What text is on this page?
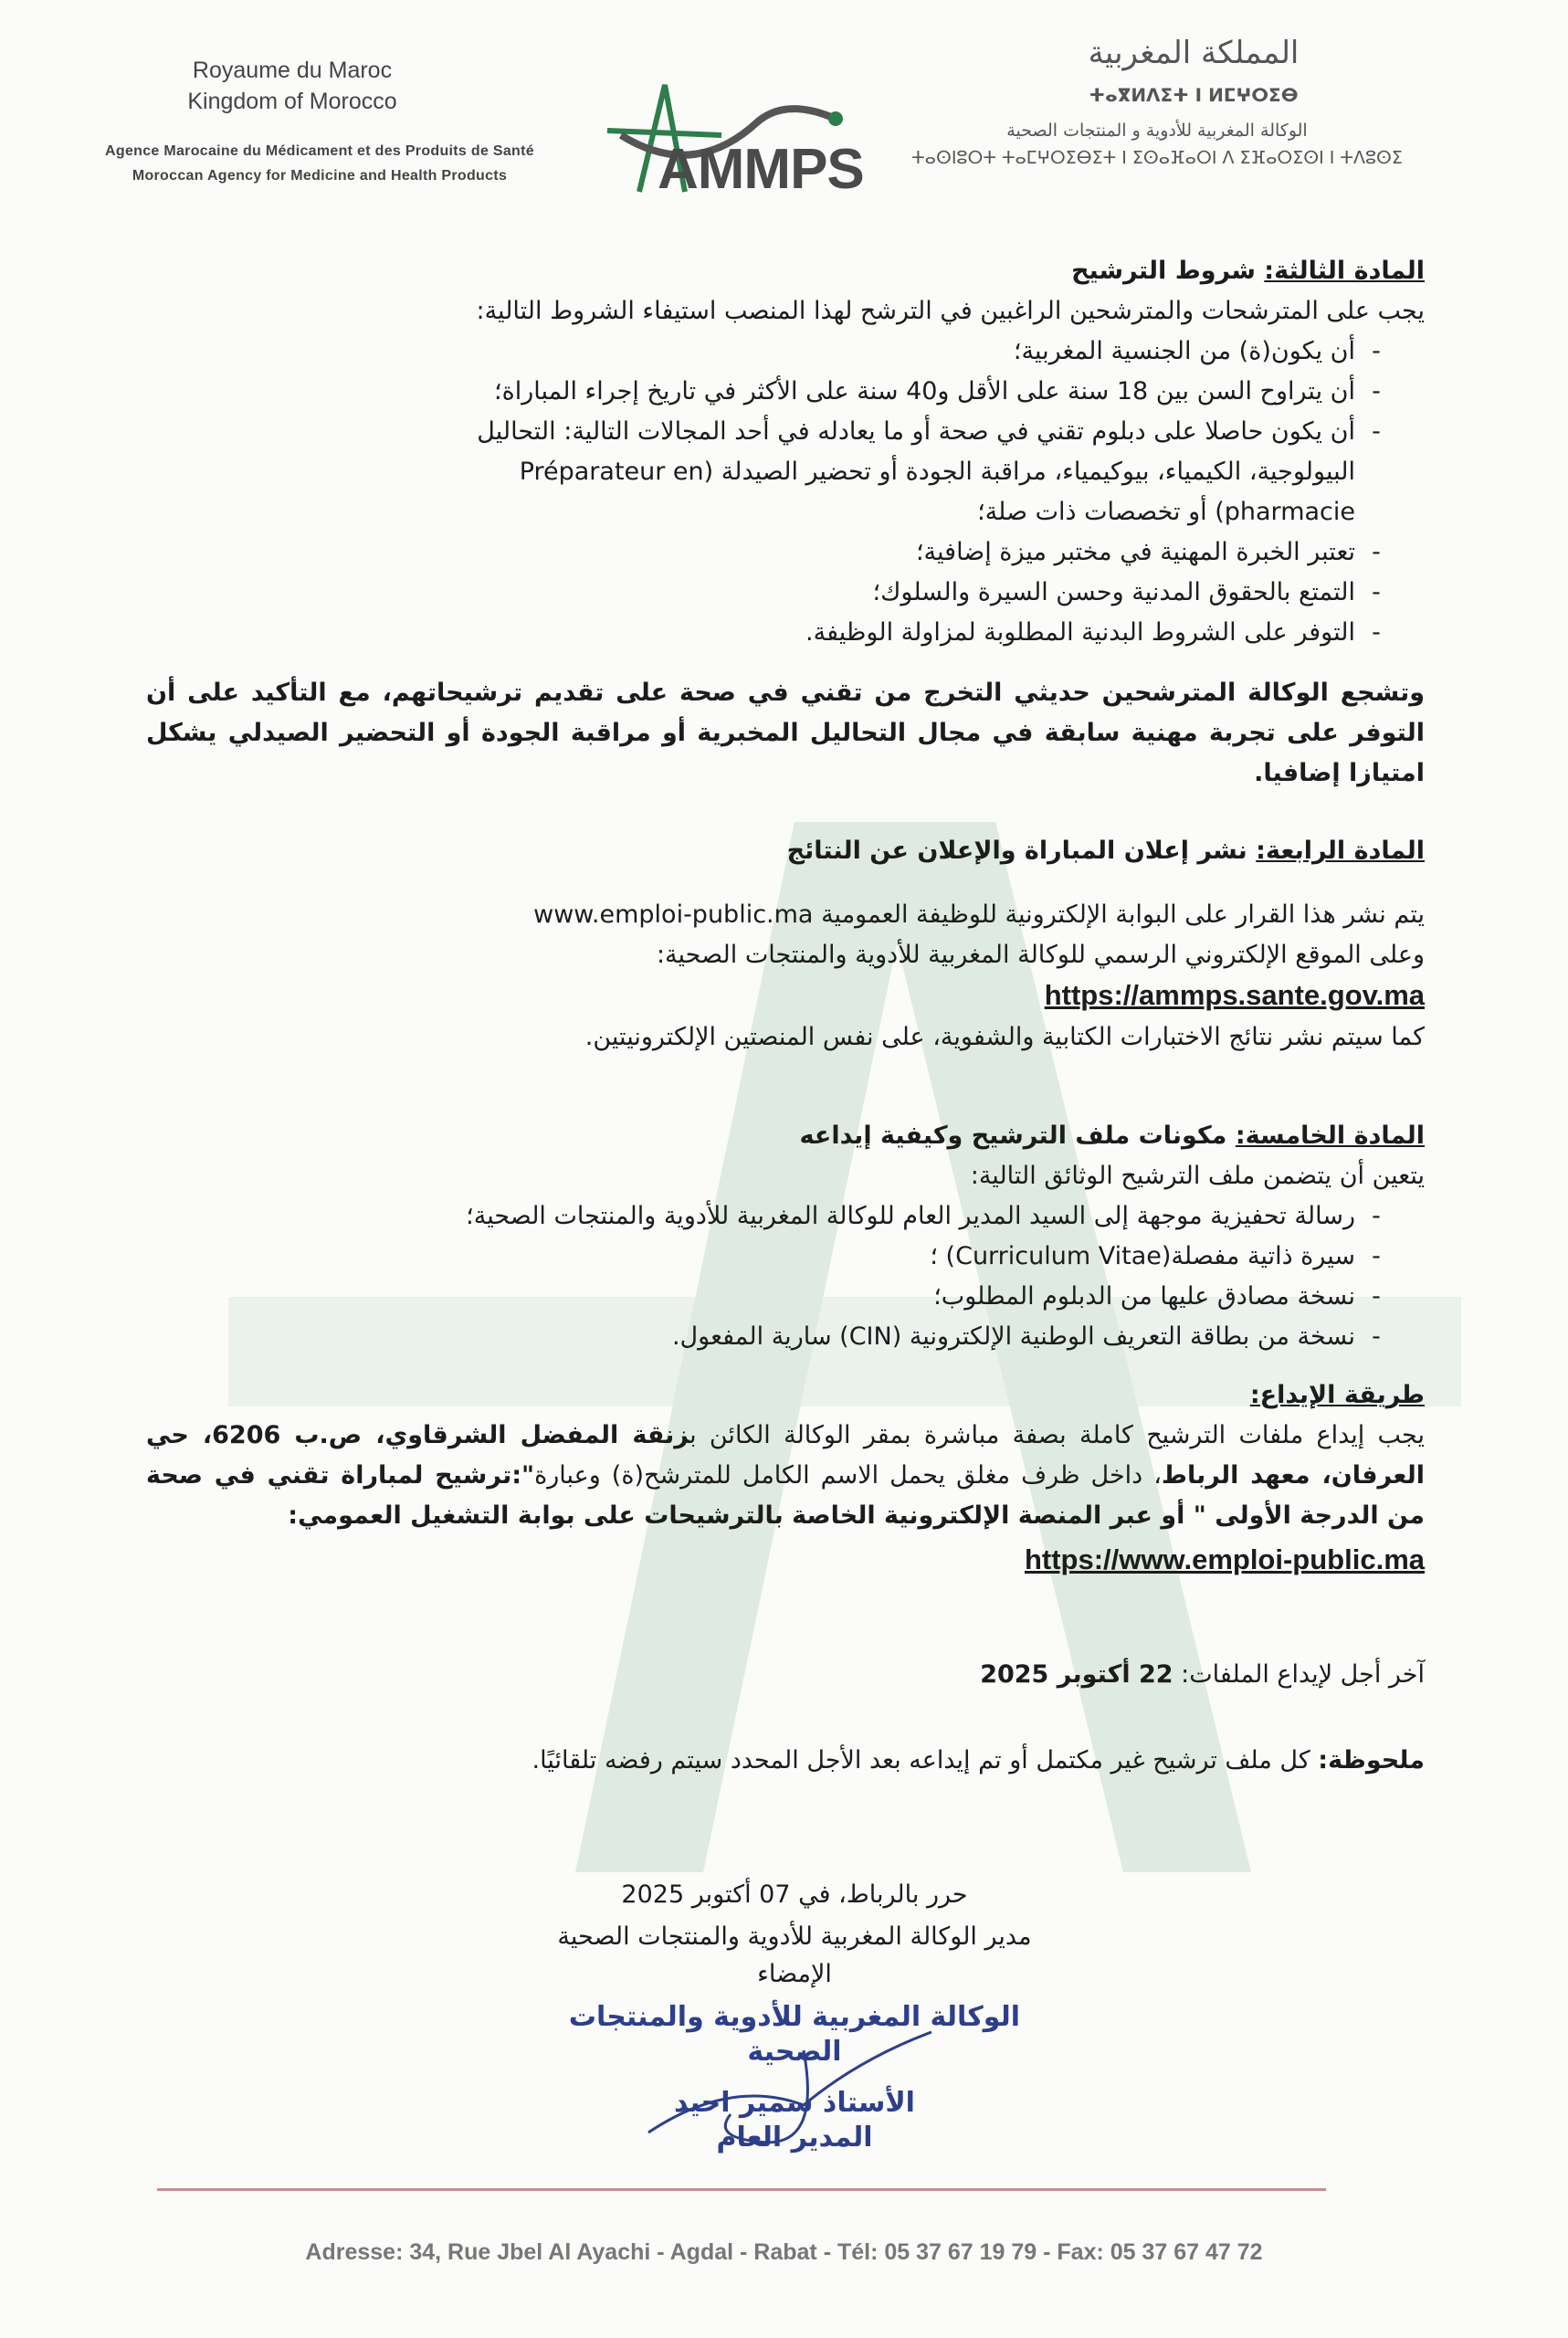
Royaume du Maroc
Kingdom of Morocco
Agence Marocaine du Médicament et des Produits de Santé
Moroccan Agency for Medicine and Health Products	AMMPS
المملكة المغربية
ⵜⴰⴳⵍⴷⵉⵜ ⵏ ⵍⵎⵖⵔⵉⴱ
الوكالة المغربية للأدوية و المنتجات الصحية
ⵜⴰⵙⵏⵓⵔⵜ ⵜⴰⵎⵖⵔⵉⴱⵉⵜ ⵏ ⵉⵙⴰⴼⴰⵔⵏ ⴷ ⵉⴼⴰⵔⵉⵙⵏ ⵏ ⵜⴷⵓⵙⵉ
المادة الثالثة: شروط الترشيح
يجب على المترشحات والمترشحين الراغبين في الترشح لهذا المنصب استيفاء الشروط التالية:
-
أن يكون(ة) من الجنسية المغربية؛
-
أن يتراوح السن بين 18 سنة على الأقل و40 سنة على الأكثر في تاريخ إجراء المباراة؛
-
أن يكون حاصلا على دبلوم تقني في صحة أو ما يعادله في أحد المجالات التالية: التحاليل البيولوجية، الكيمياء، بيوكيمياء، مراقبة الجودة أو تحضير الصيدلة (Préparateur en pharmacie) أو تخصصات ذات صلة؛
-
تعتبر الخبرة المهنية في مختبر ميزة إضافية؛
-
التمتع بالحقوق المدنية وحسن السيرة والسلوك؛
-
التوفر على الشروط البدنية المطلوبة لمزاولة الوظيفة.
وتشجع الوكالة المترشحين حديثي التخرج من تقني في صحة على تقديم ترشيحاتهم، مع التأكيد على أن التوفر على تجربة مهنية سابقة في مجال التحاليل المخبرية أو مراقبة الجودة أو التحضير الصيدلي يشكل امتيازا إضافيا.
المادة الرابعة: نشر إعلان المباراة والإعلان عن النتائج
يتم نشر هذا القرار على البوابة الإلكترونية للوظيفة العمومية www.emploi-public.ma
وعلى الموقع الإلكتروني الرسمي للوكالة المغربية للأدوية والمنتجات الصحية:
https://ammps.sante.gov.ma
كما سيتم نشر نتائج الاختبارات الكتابية والشفوية، على نفس المنصتين الإلكترونيتين.
المادة الخامسة: مكونات ملف الترشيح وكيفية إيداعه
يتعين أن يتضمن ملف الترشيح الوثائق التالية:
-
رسالة تحفيزية موجهة إلى السيد المدير العام للوكالة المغربية للأدوية والمنتجات الصحية؛
-
سيرة ذاتية مفصلة(Curriculum Vitae) ؛
-
نسخة مصادق عليها من الدبلوم المطلوب؛
-
نسخة من بطاقة التعريف الوطنية الإلكترونية (CIN) سارية المفعول.
طريقة الإيداع:
يجب إيداع ملفات الترشيح كاملة بصفة مباشرة بمقر الوكالة الكائن بزنقة المفضل الشرقاوي، ص.ب 6206، حي العرفان، معهد الرباط، داخل ظرف مغلق يحمل الاسم الكامل للمترشح(ة) وعبارة":ترشيح لمباراة تقني في صحة من الدرجة الأولى " أو عبر المنصة الإلكترونية الخاصة بالترشيحات على بوابة التشغيل العمومي:
https://www.emploi-public.ma
آخر أجل لإيداع الملفات: 22 أكتوبر 2025
ملحوظة: كل ملف ترشيح غير مكتمل أو تم إيداعه بعد الأجل المحدد سيتم رفضه تلقائيًا.
حرر بالرباط، في 07 أكتوبر 2025
مدير الوكالة المغربية للأدوية والمنتجات الصحية
الإمضاء
الوكالة المغربية للأدوية والمنتجات الصحية
الأستاذ سمير احيد
المدير العام
Adresse: 34, Rue Jbel Al Ayachi - Agdal - Rabat - Tél: 05 37 67 19 79 - Fax: 05 37 67 47 72
